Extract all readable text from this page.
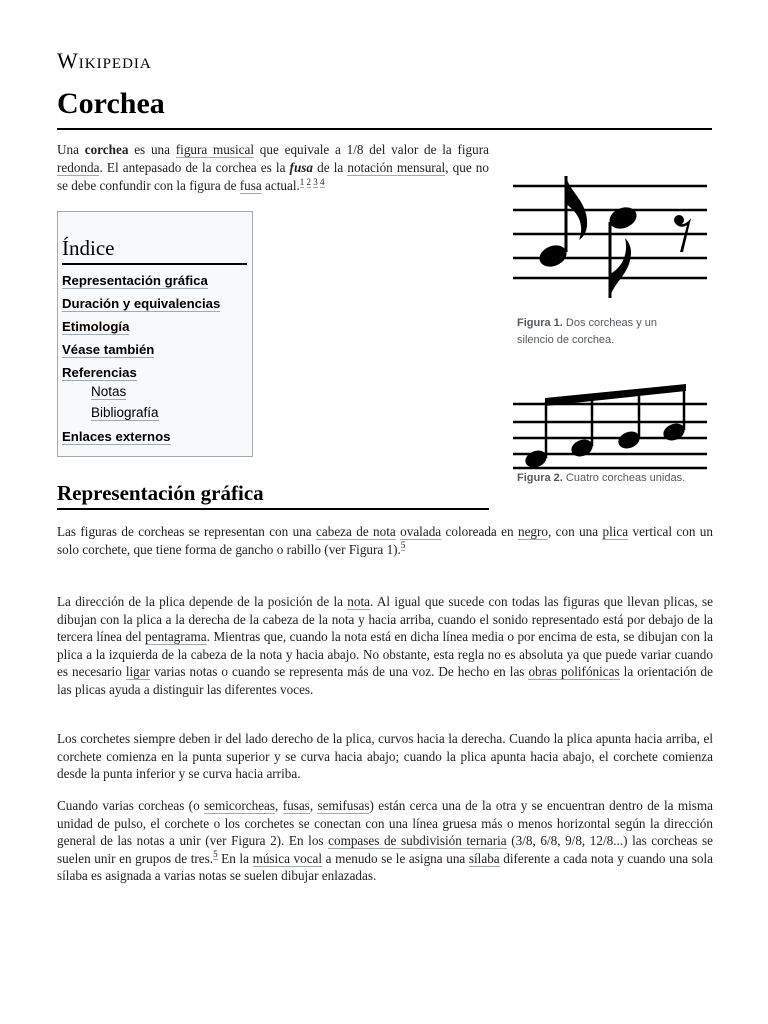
Wikipedia
Corchea

Una corchea es una figura musical que equivale a 1/8 del valor de la figura redonda. El antepasado de la corchea es la fusa de la notación mensural, que no se debe confundir con la figura de fusa actual.$^{1 2 3 4}$

Índice
Representación gráfica
Duración y equivalencias
Etimología
Véase también
Referencias
Notas
Bibliografía
Enlaces externos
Figura 1. Dos corcheas y un silencio de corchea.
Figura 2. Cuatro corcheas unidas.
Representación gráfica

Las figuras de corcheas se representan con una cabeza de nota ovalada coloreada en negro, con una plica vertical con un solo corchete, que tiene forma de gancho o rabillo (ver Figura 1).$^5$

La dirección de la plica depende de la posición de la nota. Al igual que sucede con todas las figuras que llevan plicas, se dibujan con la plica a la derecha de la cabeza de la nota y hacia arriba, cuando el sonido representado está por debajo de la tercera línea del pentagrama. Mientras que, cuando la nota está en dicha línea media o por encima de esta, se dibujan con la plica a la izquierda de la cabeza de la nota y hacia abajo. No obstante, esta regla no es absoluta ya que puede variar cuando es necesario ligar varias notas o cuando se representa más de una voz. De hecho en las obras polifónicas la orientación de las plicas ayuda a distinguir las diferentes voces.

Los corchetes siempre deben ir del lado derecho de la plica, curvos hacia la derecha. Cuando la plica apunta hacia arriba, el corchete comienza en la punta superior y se curva hacia abajo; cuando la plica apunta hacia abajo, el corchete comienza desde la punta inferior y se curva hacia arriba.

Cuando varias corcheas (o semicorcheas, fusas, semifusas) están cerca una de la otra y se encuentran dentro de la misma unidad de pulso, el corchete o los corchetes se conectan con una línea gruesa más o menos horizontal según la dirección general de las notas a unir (ver Figura 2). En los compases de subdivisión ternaria (3/8, 6/8, 9/8, 12/8...) las corcheas se suelen unir en grupos de tres.$^5$ En la música vocal a menudo se le asigna una sílaba diferente a cada nota y cuando una sola sílaba es asignada a varias notas se suelen dibujar enlazadas.
